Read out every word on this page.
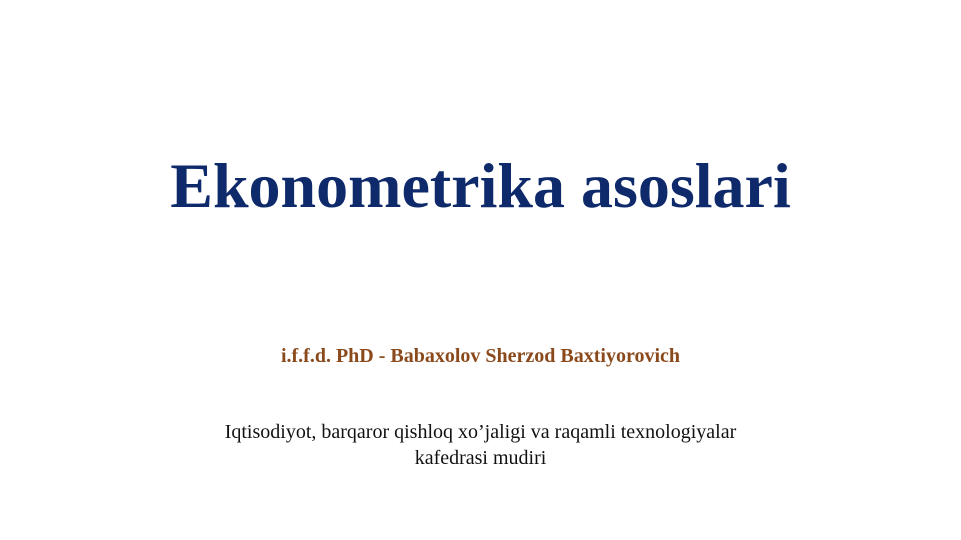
Ekonometrika asoslari
i.f.f.d. PhD - Babaxolov Sherzod Baxtiyorovich
Iqtisodiyot, barqaror qishloq xo’jaligi va raqamli texnologiyalar
kafedrasi mudiri
